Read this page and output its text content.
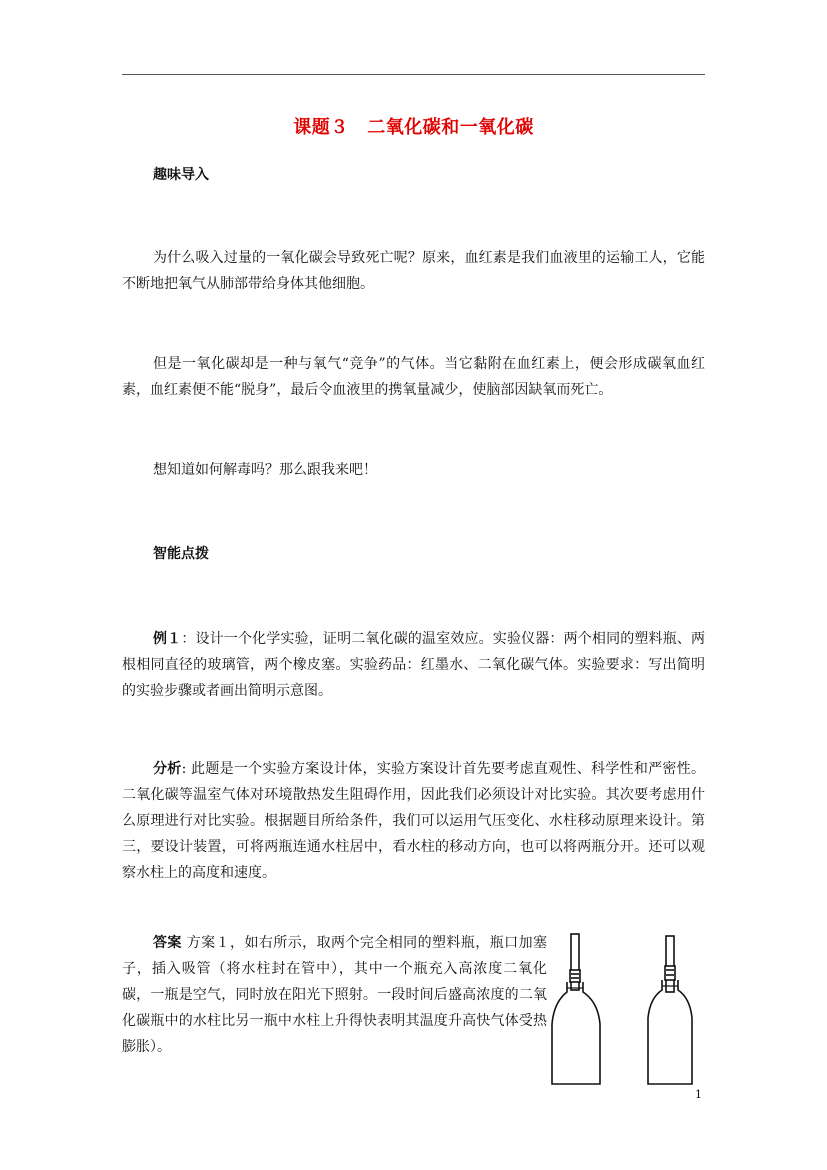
课题３　二氧化碳和一氧化碳
趣味导入

为什么吸入过量的一氧化碳会导致死亡呢？原来，血红素是我们血液里的运输工人，它能不断地把氧气从肺部带给身体其他细胞。

但是一氧化碳却是一种与氧气“竞争”的气体。当它黏附在血红素上，便会形成碳氧血红素，血红素便不能“脱身”，最后令血液里的携氧量减少，使脑部因缺氧而死亡。

想知道如何解毒吗？那么跟我来吧！

智能点拨

例１：设计一个化学实验，证明二氧化碳的温室效应。实验仪器：两个相同的塑料瓶、两根相同直径的玻璃管，两个橡皮塞。实验药品：红墨水、二氧化碳气体。实验要求：写出简明的实验步骤或者画出简明示意图。

分析: 此题是一个实验方案设计体，实验方案设计首先要考虑直观性、科学性和严密性。二氧化碳等温室气体对环境散热发生阻碍作用，因此我们必须设计对比实验。其次要考虑用什么原理进行对比实验。根据题目所给条件，我们可以运用气压变化、水柱移动原理来设计。第三，要设计装置，可将两瓶连通水柱居中，看水柱的移动方向，也可以将两瓶分开。还可以观察水柱上的高度和速度。

答案 方案１，如右所示，取两个完全相同的塑料瓶，瓶口加塞子，插入吸管（将水柱封在管中），其中一个瓶充入高浓度二氧化碳，一瓶是空气，同时放在阳光下照射。一段时间后盛高浓度的二氧化碳瓶中的水柱比另一瓶中水柱上升得快表明其温度升高快气体受热膨胀）。

1
